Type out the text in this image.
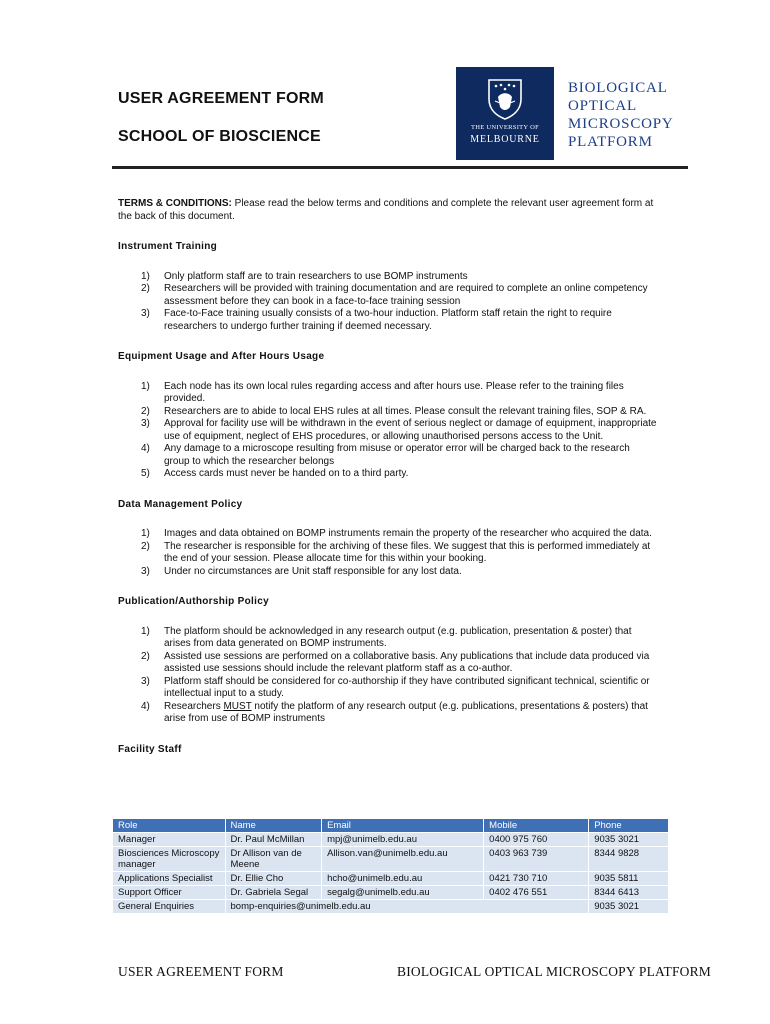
USER AGREEMENT FORM
SCHOOL OF BIOSCIENCE
THE UNIVERSITY OF
MELBOURNE
BIOLOGICAL
OPTICAL
MICROSCOPY
PLATFORM

TERMS & CONDITIONS: Please read the below terms and conditions and complete the relevant user agreement form at the back of this document.

Instrument Training
1) Only platform staff are to train researchers to use BOMP instruments
2) Researchers will be provided with training documentation and are required to complete an online competency assessment before they can book in a face-to-face training session
3) Face-to-Face training usually consists of a two-hour induction. Platform staff retain the right to require researchers to undergo further training if deemed necessary.
Equipment Usage and After Hours Usage
1) Each node has its own local rules regarding access and after hours use. Please refer to the training files provided.
2) Researchers are to abide to local EHS rules at all times. Please consult the relevant training files, SOP & RA.
3) Approval for facility use will be withdrawn in the event of serious neglect or damage of equipment, inappropriate use of equipment, neglect of EHS procedures, or allowing unauthorised persons access to the Unit.
4) Any damage to a microscope resulting from misuse or operator error will be charged back to the research group to which the researcher belongs
5) Access cards must never be handed on to a third party.
Data Management Policy
1) Images and data obtained on BOMP instruments remain the property of the researcher who acquired the data.
2) The researcher is responsible for the archiving of these files. We suggest that this is performed immediately at the end of your session. Please allocate time for this within your booking.
3) Under no circumstances are Unit staff responsible for any lost data.
Publication/Authorship Policy
1) The platform should be acknowledged in any research output (e.g. publication, presentation & poster) that arises from data generated on BOMP instruments.
2) Assisted use sessions are performed on a collaborative basis. Any publications that include data produced via assisted use sessions should include the relevant platform staff as a co-author.
3) Platform staff should be considered for co-authorship if they have contributed significant technical, scientific or intellectual input to a study.
4) Researchers MUST notify the platform of any research output (e.g. publications, presentations & posters) that arise from use of BOMP instruments
Facility Staff
Role	Name	Email	Mobile	Phone
Manager	Dr. Paul McMillan	mpj@unimelb.edu.au	0400 975 760	9035 3021
Biosciences Microscopy manager	Dr Allison van de Meene	Allison.van@unimelb.edu.au	0403 963 739	8344 9828
Applications Specialist	Dr. Ellie Cho	hcho@unimelb.edu.au	0421 730 710	9035 5811
Support Officer	Dr. Gabriela Segal	segalg@unimelb.edu.au	0402 476 551	8344 6413
General Enquiries	bomp-enquiries@unimelb.edu.au			9035 3021
USER AGREEMENT FORM	BIOLOGICAL OPTICAL MICROSCOPY PLATFORM
